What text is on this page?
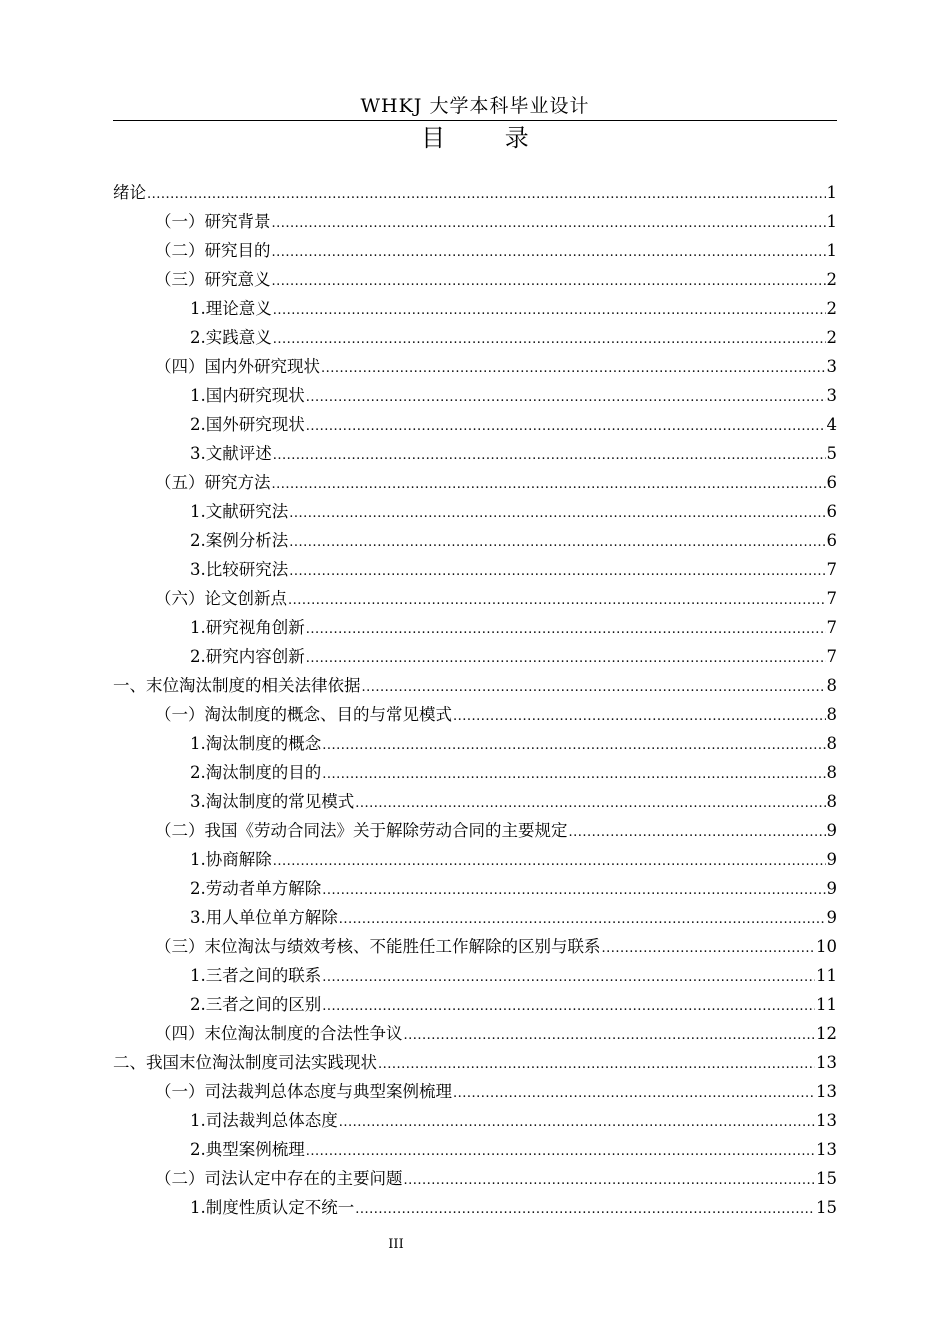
WHKJ 大学本科毕业设计
目 录
绪论 .....	1
（一）研究背景 .....	1
（二）研究目的 .....	1
（三）研究意义 .....	2
1.理论意义 .....	2
2.实践意义 .....	2
（四）国内外研究现状 .....	3
1.国内研究现状 .....	3
2.国外研究现状 .....	4
3.文献评述 .....	5
（五）研究方法 .....	6
1.文献研究法 .....	6
2.案例分析法 .....	6
3.比较研究法 .....	7
（六）论文创新点 .....	7
1.研究视角创新 .....	7
2.研究内容创新 .....	7
一、末位淘汰制度的相关法律依据 .....	8
（一）淘汰制度的概念、目的与常见模式 .....	8
1.淘汰制度的概念 .....	8
2.淘汰制度的目的 .....	8
3.淘汰制度的常见模式 .....	8
（二）我国《劳动合同法》关于解除劳动合同的主要规定 .....	9
1.协商解除 .....	9
2.劳动者单方解除 .....	9
3.用人单位单方解除 .....	9
（三）末位淘汰与绩效考核、不能胜任工作解除的区别与联系 .....	10
1.三者之间的联系 .....	11
2.三者之间的区别 .....	11
（四）末位淘汰制度的合法性争议 .....	12
二、我国末位淘汰制度司法实践现状 .....	13
（一）司法裁判总体态度与典型案例梳理 .....	13
1.司法裁判总体态度 .....	13
2.典型案例梳理 .....	13
（二）司法认定中存在的主要问题 .....	15
1.制度性质认定不统一 .....	15
III
